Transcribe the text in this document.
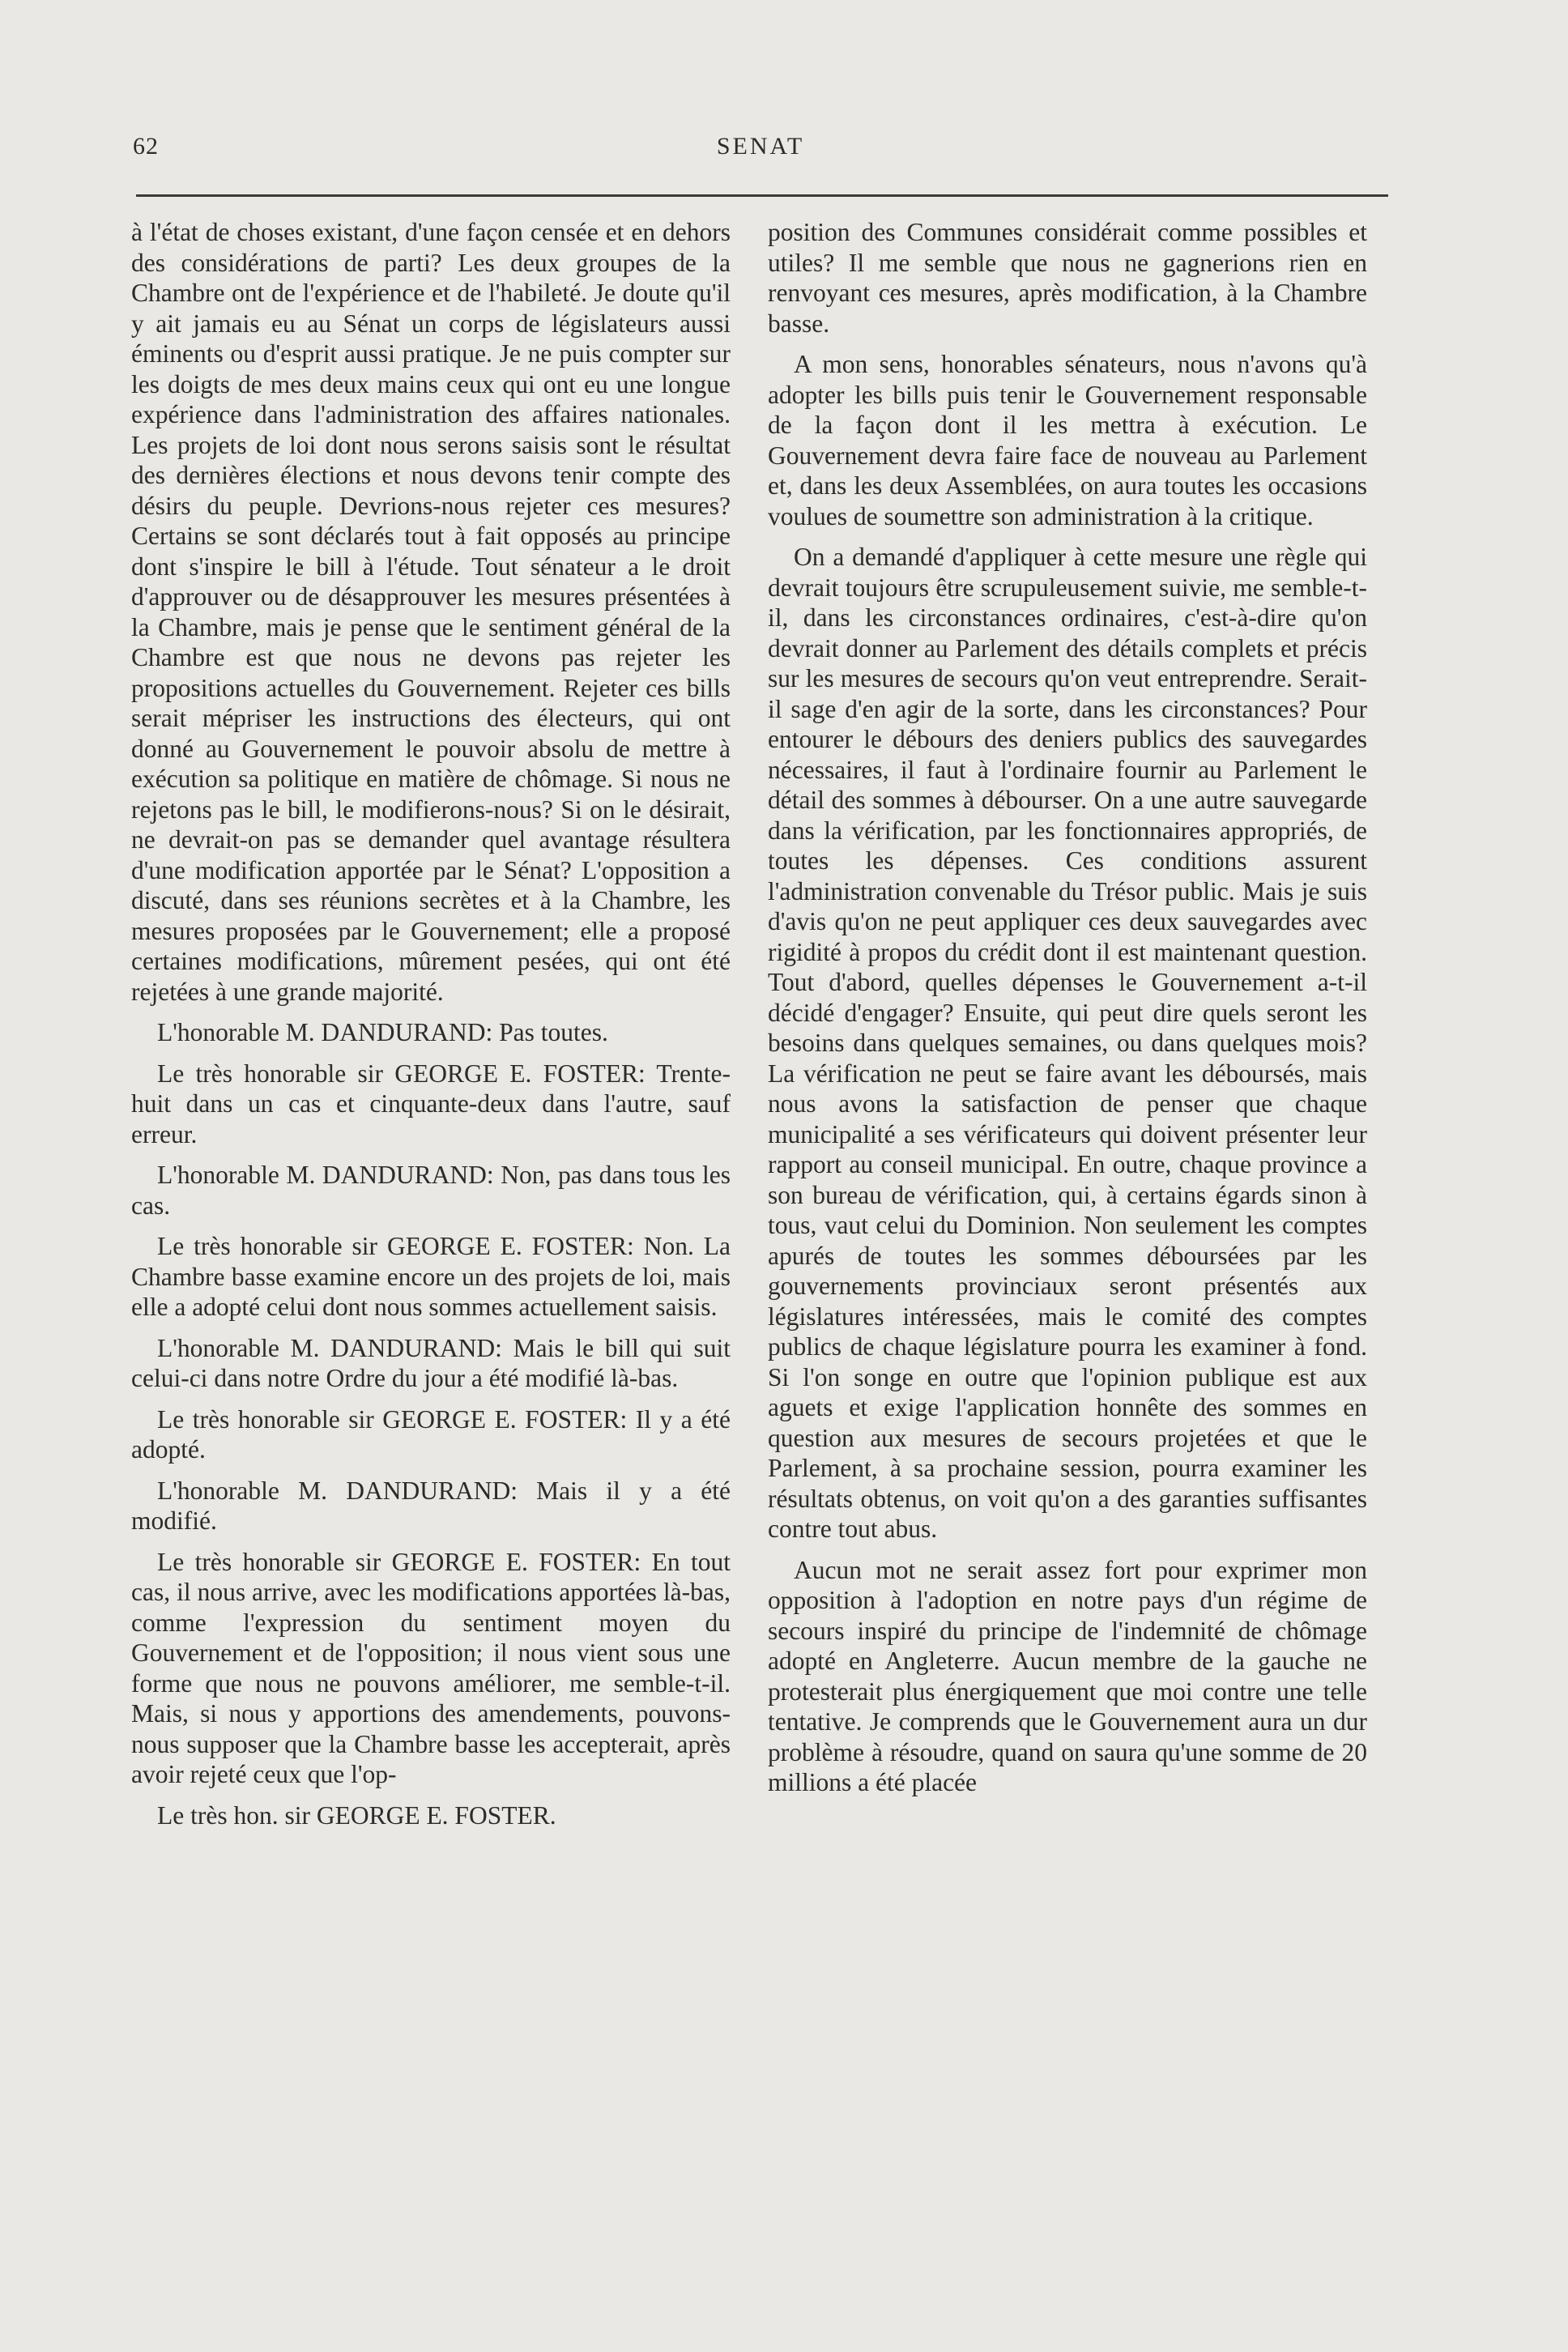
62	SENAT

à l'état de choses existant, d'une façon censée et en dehors des considérations de parti? Les deux groupes de la Chambre ont de l'expérience et de l'habileté. Je doute qu'il y ait jamais eu au Sénat un corps de législateurs aussi éminents ou d'esprit aussi pratique. Je ne puis compter sur les doigts de mes deux mains ceux qui ont eu une longue expérience dans l'administration des affaires nationales. Les projets de loi dont nous serons saisis sont le résultat des dernières élections et nous devons tenir compte des désirs du peuple. Devrions-nous rejeter ces mesures? Certains se sont déclarés tout à fait opposés au principe dont s'inspire le bill à l'étude. Tout sénateur a le droit d'approuver ou de désapprouver les mesures présentées à la Chambre, mais je pense que le sentiment général de la Chambre est que nous ne devons pas rejeter les propositions actuelles du Gouvernement. Rejeter ces bills serait mépriser les instructions des électeurs, qui ont donné au Gouvernement le pouvoir absolu de mettre à exécution sa politique en matière de chômage. Si nous ne rejetons pas le bill, le modifierons-nous? Si on le désirait, ne devrait-on pas se demander quel avantage résultera d'une modification apportée par le Sénat? L'opposition a discuté, dans ses réunions secrètes et à la Chambre, les mesures proposées par le Gouvernement; elle a proposé certaines modifications, mûrement pesées, qui ont été rejetées à une grande majorité.

L'honorable M. DANDURAND: Pas toutes.

Le très honorable sir GEORGE E. FOSTER: Trente-huit dans un cas et cinquante-deux dans l'autre, sauf erreur.

L'honorable M. DANDURAND: Non, pas dans tous les cas.

Le très honorable sir GEORGE E. FOSTER: Non. La Chambre basse examine encore un des projets de loi, mais elle a adopté celui dont nous sommes actuellement saisis.

L'honorable M. DANDURAND: Mais le bill qui suit celui-ci dans notre Ordre du jour a été modifié là-bas.

Le très honorable sir GEORGE E. FOSTER: Il y a été adopté.

L'honorable M. DANDURAND: Mais il y a été modifié.

Le très honorable sir GEORGE E. FOSTER: En tout cas, il nous arrive, avec les modifications apportées là-bas, comme l'expression du sentiment moyen du Gouvernement et de l'opposition; il nous vient sous une forme que nous ne pouvons améliorer, me semble-t-il. Mais, si nous y apportions des amendements, pouvons-nous supposer que la Chambre basse les accepterait, après avoir rejeté ceux que l'op-

Le très hon. sir GEORGE E. FOSTER.

position des Communes considérait comme possibles et utiles? Il me semble que nous ne gagnerions rien en renvoyant ces mesures, après modification, à la Chambre basse.

A mon sens, honorables sénateurs, nous n'avons qu'à adopter les bills puis tenir le Gouvernement responsable de la façon dont il les mettra à exécution. Le Gouvernement devra faire face de nouveau au Parlement et, dans les deux Assemblées, on aura toutes les occasions voulues de soumettre son administration à la critique.

On a demandé d'appliquer à cette mesure une règle qui devrait toujours être scrupuleusement suivie, me semble-t-il, dans les circonstances ordinaires, c'est-à-dire qu'on devrait donner au Parlement des détails complets et précis sur les mesures de secours qu'on veut entreprendre. Serait-il sage d'en agir de la sorte, dans les circonstances? Pour entourer le débours des deniers publics des sauvegardes nécessaires, il faut à l'ordinaire fournir au Parlement le détail des sommes à débourser. On a une autre sauvegarde dans la vérification, par les fonctionnaires appropriés, de toutes les dépenses. Ces conditions assurent l'administration convenable du Trésor public. Mais je suis d'avis qu'on ne peut appliquer ces deux sauvegardes avec rigidité à propos du crédit dont il est maintenant question. Tout d'abord, quelles dépenses le Gouvernement a-t-il décidé d'engager? Ensuite, qui peut dire quels seront les besoins dans quelques semaines, ou dans quelques mois? La vérification ne peut se faire avant les déboursés, mais nous avons la satisfaction de penser que chaque municipalité a ses vérificateurs qui doivent présenter leur rapport au conseil municipal. En outre, chaque province a son bureau de vérification, qui, à certains égards sinon à tous, vaut celui du Dominion. Non seulement les comptes apurés de toutes les sommes déboursées par les gouvernements provinciaux seront présentés aux législatures intéressées, mais le comité des comptes publics de chaque législature pourra les examiner à fond. Si l'on songe en outre que l'opinion publique est aux aguets et exige l'application honnête des sommes en question aux mesures de secours projetées et que le Parlement, à sa prochaine session, pourra examiner les résultats obtenus, on voit qu'on a des garanties suffisantes contre tout abus.

Aucun mot ne serait assez fort pour exprimer mon opposition à l'adoption en notre pays d'un régime de secours inspiré du principe de l'indemnité de chômage adopté en Angleterre. Aucun membre de la gauche ne protesterait plus énergiquement que moi contre une telle tentative. Je comprends que le Gouvernement aura un dur problème à résoudre, quand on saura qu'une somme de 20 millions a été placée
